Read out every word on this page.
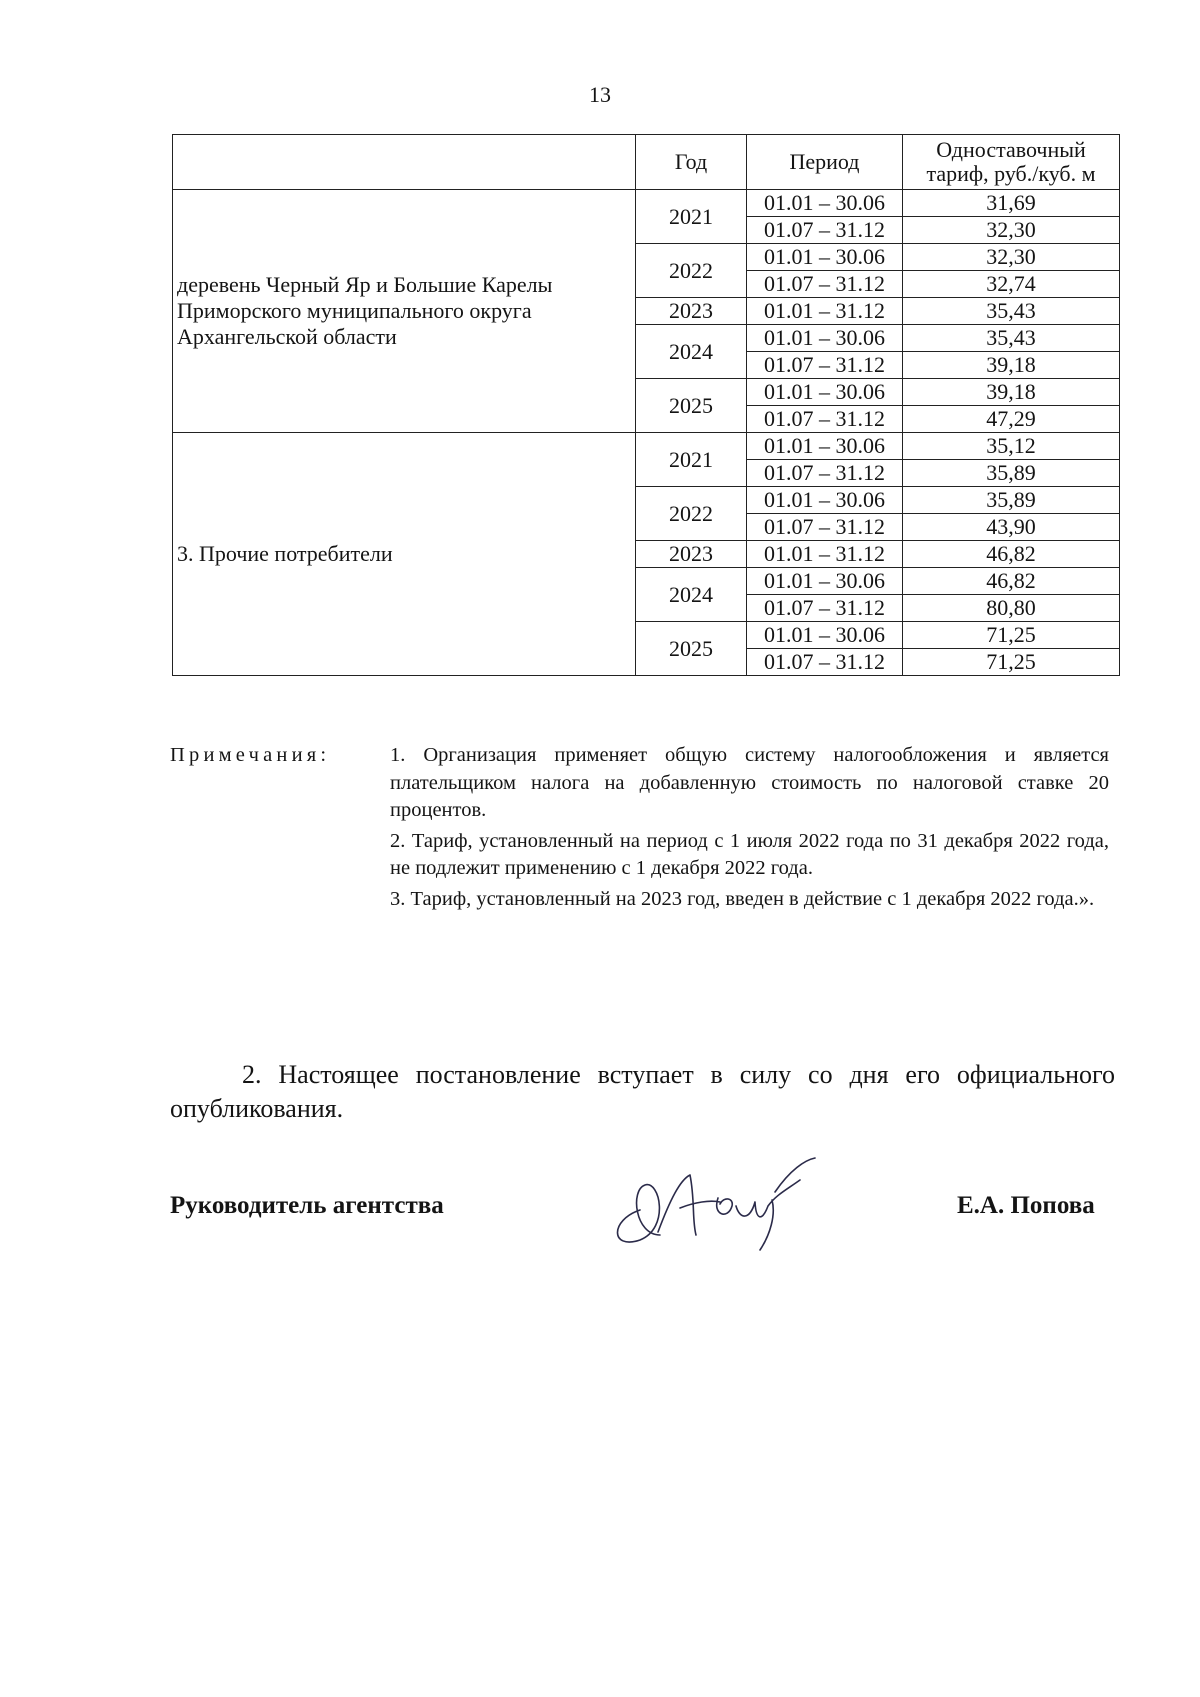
13
	Год	Период	Одноставочный тариф, руб./куб. м

деревень Черный Яр и Большие Карелы
Приморского муниципального округа
Архангельской области	2021	01.01 – 30.06	31,69
		01.07 – 31.12	32,30
	2022	01.01 – 30.06	32,30
		01.07 – 31.12	32,74
	2023	01.01 – 31.12	35,43
	2024	01.01 – 30.06	35,43
		01.07 – 31.12	39,18
	2025	01.01 – 30.06	39,18
		01.07 – 31.12	47,29

3. Прочие потребители	2021	01.01 – 30.06	35,12
		01.07 – 31.12	35,89
	2022	01.01 – 30.06	35,89
		01.07 – 31.12	43,90
	2023	01.01 – 31.12	46,82
	2024	01.01 – 30.06	46,82
		01.07 – 31.12	80,80
	2025	01.01 – 30.06	71,25
		01.07 – 31.12	71,25
Примечания:	1. Организация применяет общую систему налогообложения и является плательщиком налога на добавленную стоимость по налоговой ставке 20 процентов.

2. Тариф, установленный на период с 1 июля 2022 года по 31 декабря 2022 года, не подлежит применению с 1 декабря 2022 года.

3. Тариф, установленный на 2023 год, введен в действие с 1 декабря 2022 года.».

2. Настоящее постановление вступает в силу со дня его официального опубликования.

Руководитель агентства	Е.А. Попова
